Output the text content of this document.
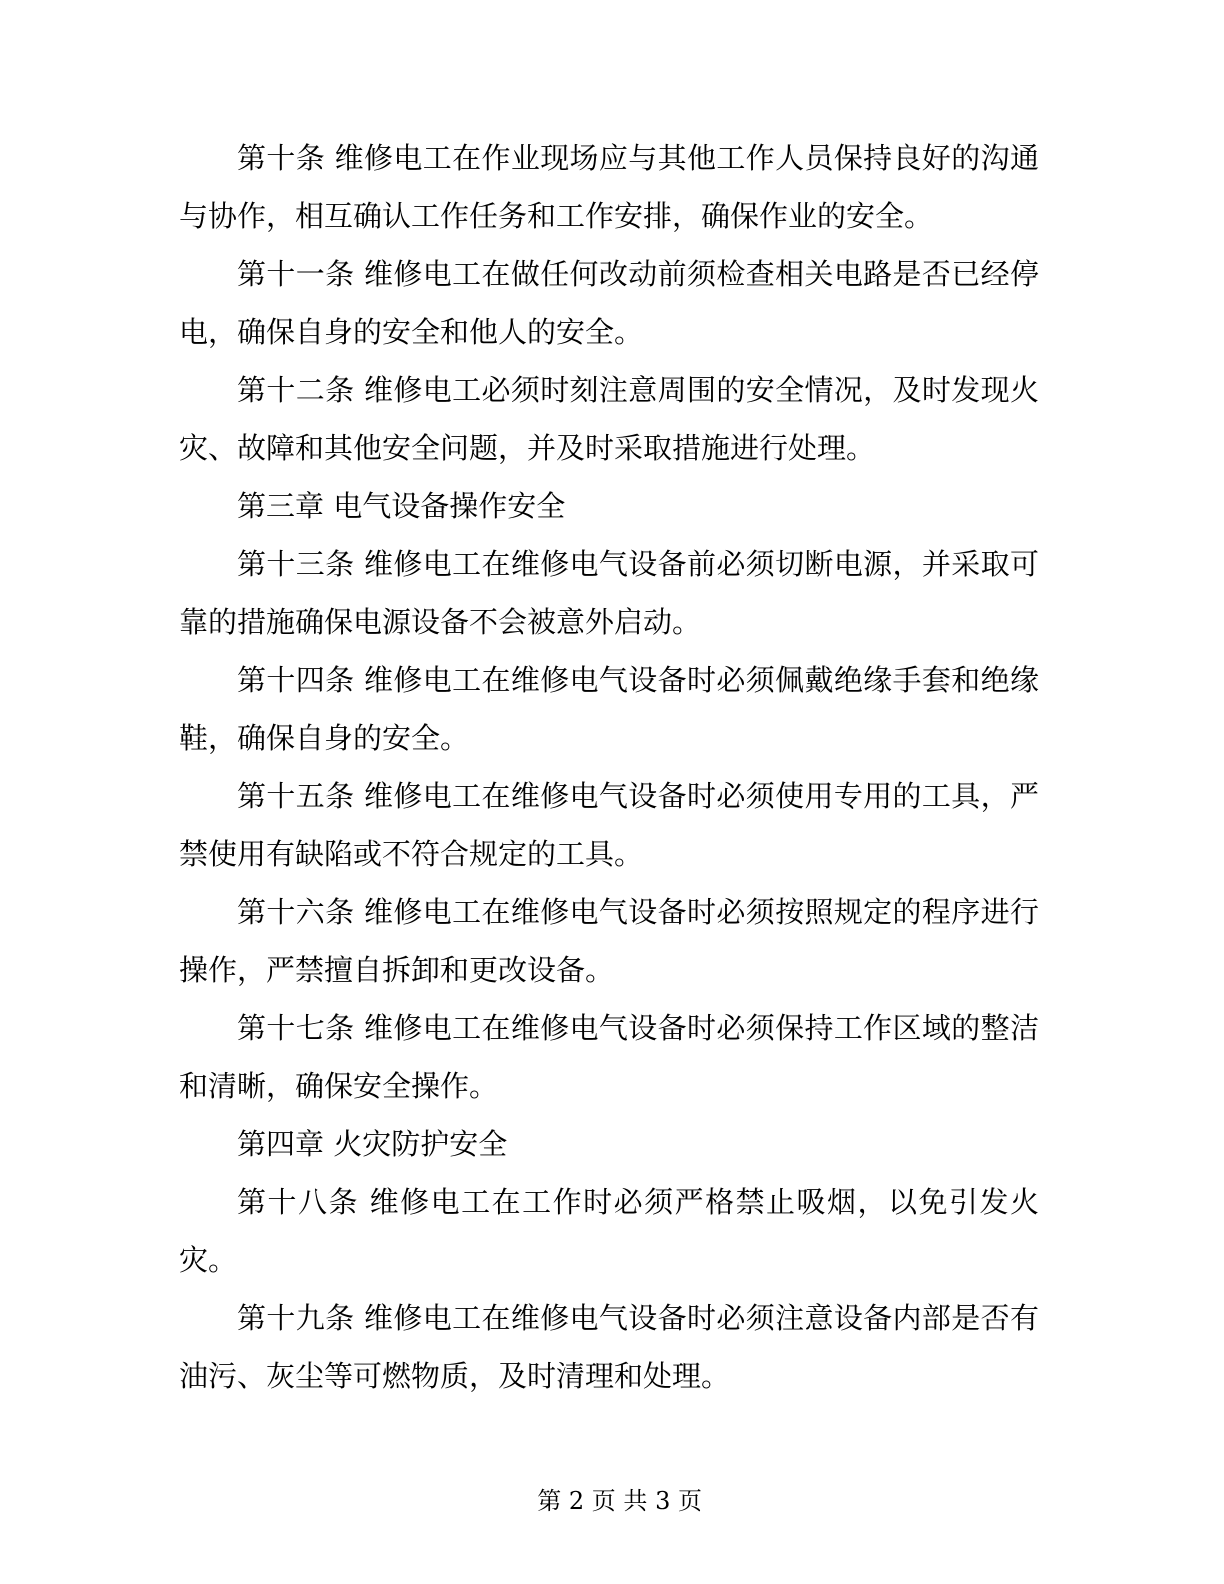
第十条 维修电工在作业现场应与其他工作人员保持良好的沟通与协作，相互确认工作任务和工作安排，确保作业的安全。

第十一条 维修电工在做任何改动前须检查相关电路是否已经停电，确保自身的安全和他人的安全。

第十二条 维修电工必须时刻注意周围的安全情况，及时发现火灾、故障和其他安全问题，并及时采取措施进行处理。

第三章 电气设备操作安全

第十三条 维修电工在维修电气设备前必须切断电源，并采取可靠的措施确保电源设备不会被意外启动。

第十四条 维修电工在维修电气设备时必须佩戴绝缘手套和绝缘鞋，确保自身的安全。

第十五条 维修电工在维修电气设备时必须使用专用的工具，严禁使用有缺陷或不符合规定的工具。

第十六条 维修电工在维修电气设备时必须按照规定的程序进行操作，严禁擅自拆卸和更改设备。

第十七条 维修电工在维修电气设备时必须保持工作区域的整洁和清晰，确保安全操作。

第四章 火灾防护安全

第十八条 维修电工在工作时必须严格禁止吸烟，以免引发火灾。

第十九条 维修电工在维修电气设备时必须注意设备内部是否有油污、灰尘等可燃物质，及时清理和处理。

第 2 页 共 3 页
